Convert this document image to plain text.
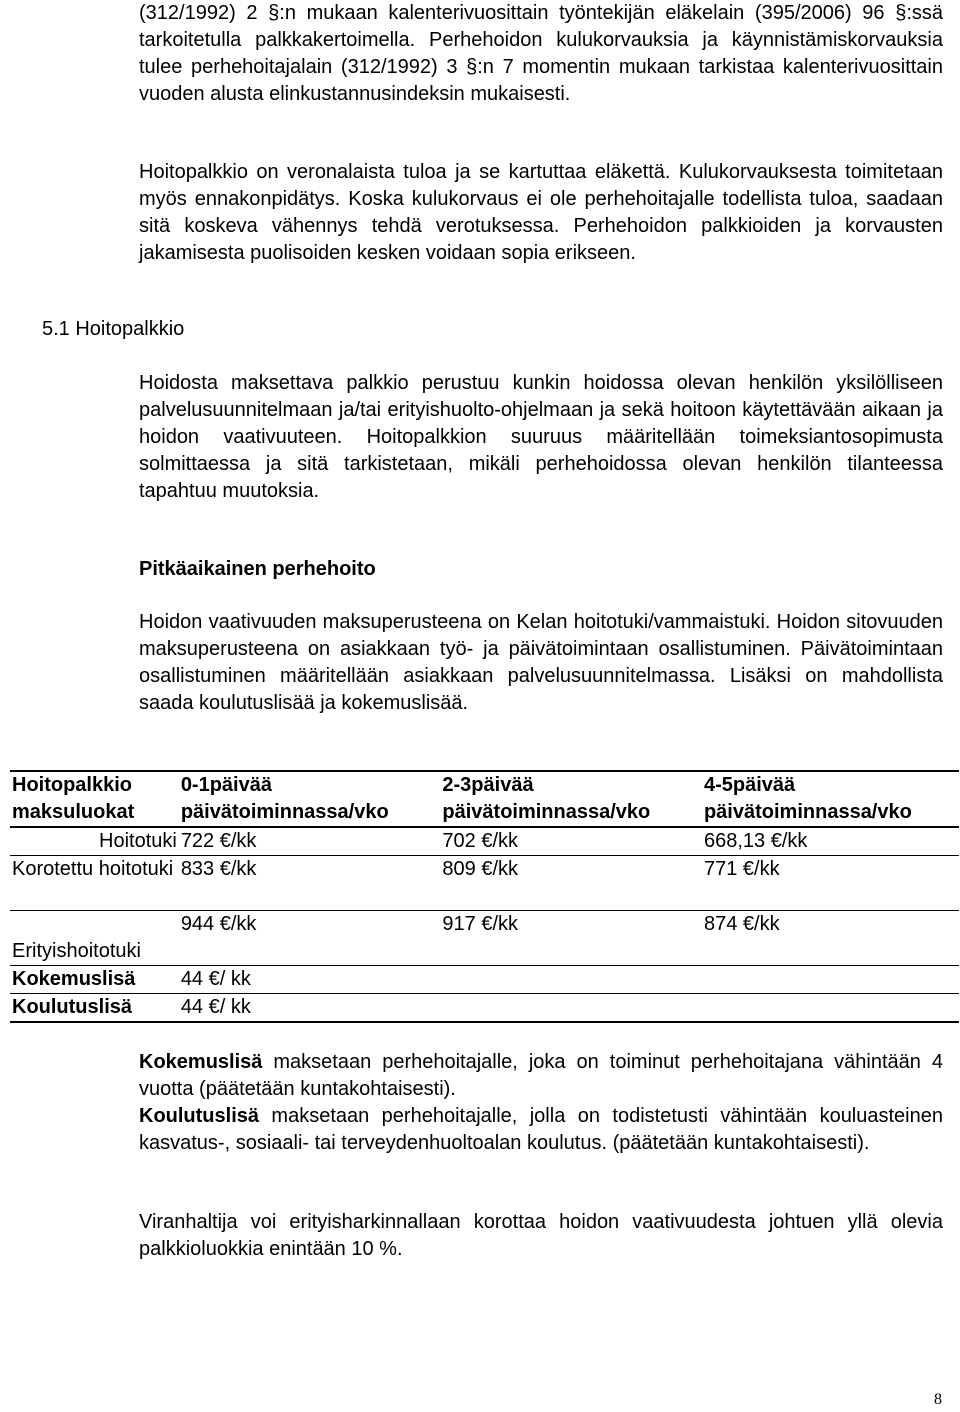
(312/1992) 2 §:n mukaan kalenterivuosittain työntekijän eläkelain (395/2006) 96 §:ssä tarkoitetulla palkkakertoimella. Perhehoidon kulukorvauksia ja käynnistämiskorvauksia tulee perhehoitajalain (312/1992) 3 §:n 7 momentin mukaan tarkistaa kalenterivuosittain vuoden alusta elinkustannusindeksin mukaisesti.

Hoitopalkkio on veronalaista tuloa ja se kartuttaa eläkettä. Kulukorvauksesta toimitetaan myös ennakonpidätys. Koska kulukorvaus ei ole perhehoitajalle todellista tuloa, saadaan sitä koskeva vähennys tehdä verotuksessa. Perhehoidon palkkioiden ja korvausten jakamisesta puolisoiden kesken voidaan sopia erikseen.

5.1 Hoitopalkkio

Hoidosta maksettava palkkio perustuu kunkin hoidossa olevan henkilön yksilölliseen palvelusuunnitelmaan ja/tai erityishuolto-ohjelmaan ja sekä hoitoon käytettävään aikaan ja hoidon vaativuuteen. Hoitopalkkion suuruus määritellään toimeksiantosopimusta solmittaessa ja sitä tarkistetaan, mikäli perhehoidossa olevan henkilön tilanteessa tapahtuu muutoksia.

Pitkäaikainen perhehoito

Hoidon vaativuuden maksuperusteena on Kelan hoitotuki/vammaistuki. Hoidon sitovuuden maksuperusteena on asiakkaan työ- ja päivätoimintaan osallistuminen. Päivätoimintaan osallistuminen määritellään asiakkaan palvelusuunnitelmassa. Lisäksi on mahdollista saada koulutuslisää ja kokemuslisää.

Hoitopalkkio maksuluokat	0-1päivää päivätoiminnassa/vko	2-3päivää päivätoiminnassa/vko	4-5päivää päivätoiminnassa/vko
Hoitotuki	722 €/kk	702 €/kk	668,13 €/kk
Korotettu hoitotuki	833 €/kk	809 €/kk	771 €/kk
Erityishoitotuki	944 €/kk	917 €/kk	874 €/kk
Kokemuslisä	44 €/ kk		
Koulutuslisä	44 €/ kk		

Kokemuslisä maksetaan perhehoitajalle, joka on toiminut perhehoitajana vähintään 4 vuotta (päätetään kuntakohtaisesti).

Koulutuslisä maksetaan perhehoitajalle, jolla on todistetusti vähintään kouluasteinen kasvatus-, sosiaali- tai terveydenhuoltoalan koulutus. (päätetään kuntakohtaisesti).

Viranhaltija voi erityisharkinnallaan korottaa hoidon vaativuudesta johtuen yllä olevia palkkioluokkia enintään 10 %.

8
